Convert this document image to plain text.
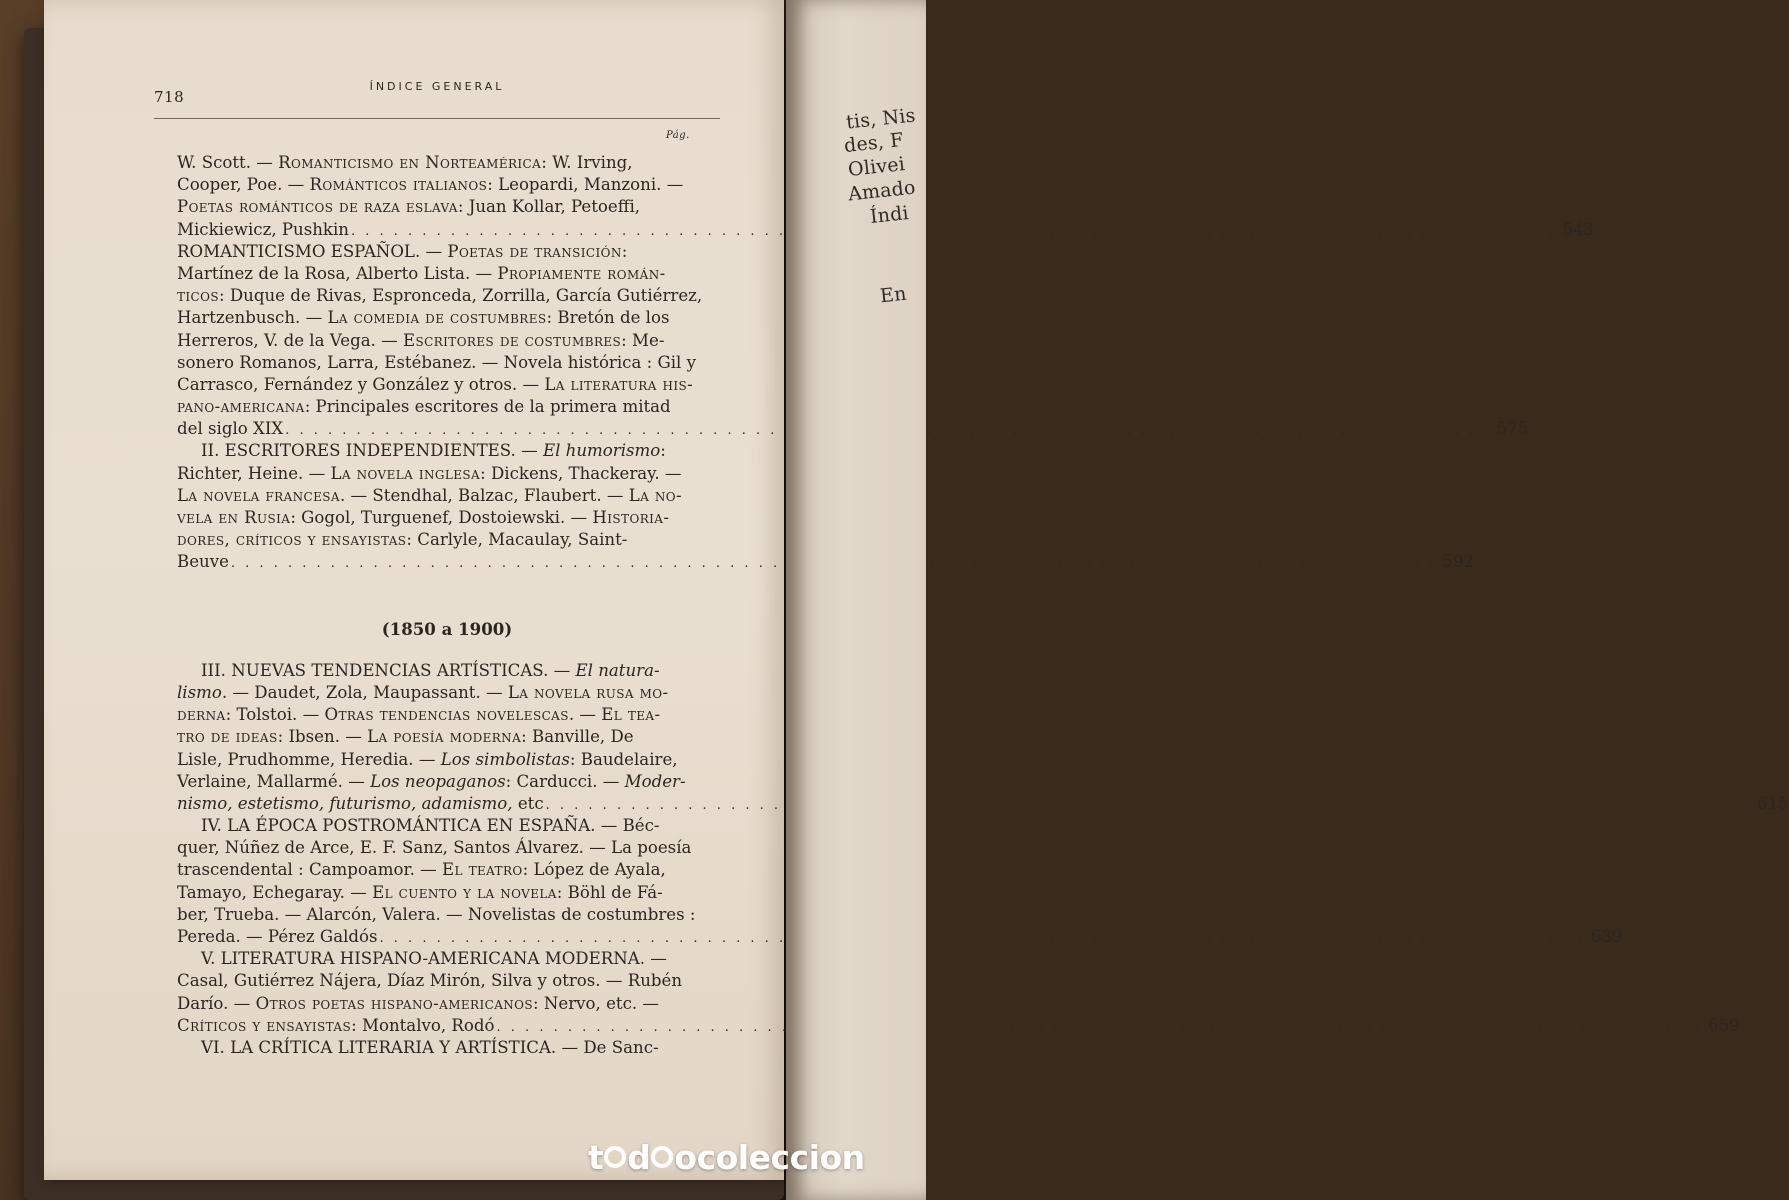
718
ÍNDICE GENERAL
Pág.
W. Scott. — Romanticismo en Norteamérica: W. Irving,
Cooper, Poe. — Románticos italianos: Leopardi, Manzoni. —
Poetas románticos de raza eslava: Juan Kollar, Petoeffi,
Mickiewicz, Pushkin . . .	543
ROMANTICISMO ESPAÑOL. — Poetas de transición:
Martínez de la Rosa, Alberto Lista. — Propiamente román-
ticos: Duque de Rivas, Espronceda, Zorrilla, García Gutiérrez,
Hartzenbusch. — La comedia de costumbres: Bretón de los
Herreros, V. de la Vega. — Escritores de costumbres: Me-
sonero Romanos, Larra, Estébanez. — Novela histórica : Gil y
Carrasco, Fernández y González y otros. — La literatura his-
pano-americana: Principales escritores de la primera mitad
del siglo XIX . . .	575
II. ESCRITORES INDEPENDIENTES. — El humorismo:
Richter, Heine. — La novela inglesa: Dickens, Thackeray. —
La novela francesa. — Stendhal, Balzac, Flaubert. — La no-
vela en Rusia: Gogol, Turguenef, Dostoiewski. — Historia-
dores, críticos y ensayistas: Carlyle, Macaulay, Saint-
Beuve . . .	592
(1850 a 1900)
III. NUEVAS TENDENCIAS ARTÍSTICAS. — El natura-
lismo. — Daudet, Zola, Maupassant. — La novela rusa mo-
derna: Tolstoi. — Otras tendencias novelescas. — El tea-
tro de ideas: Ibsen. — La poesía moderna: Banville, De
Lisle, Prudhomme, Heredia. — Los simbolistas: Baudelaire,
Verlaine, Mallarmé. — Los neopaganos: Carducci. — Moder-
nismo, estetismo, futurismo, adamismo, etc . . .	615
IV. LA ÉPOCA POSTROMÁNTICA EN ESPAÑA. — Béc-
quer, Núñez de Arce, E. F. Sanz, Santos Álvarez. — La poesía
trascendental : Campoamor. — El teatro: López de Ayala,
Tamayo, Echegaray. — El cuento y la novela: Böhl de Fá-
ber, Trueba. — Alarcón, Valera. — Novelistas de costumbres :
Pereda. — Pérez Galdós . . .	639
V. LITERATURA HISPANO-AMERICANA MODERNA. —
Casal, Gutiérrez Nájera, Díaz Mirón, Silva y otros. — Rubén
Darío. — Otros poetas hispano-americanos: Nervo, etc. —
Críticos y ensayistas: Montalvo, Rodó . . .	659
VI. LA CRÍTICA LITERARIA Y ARTÍSTICA. — De Sanc-
tis, Nis
des, F
Olivei
Amado
Índi
En
t d ocoleccion
